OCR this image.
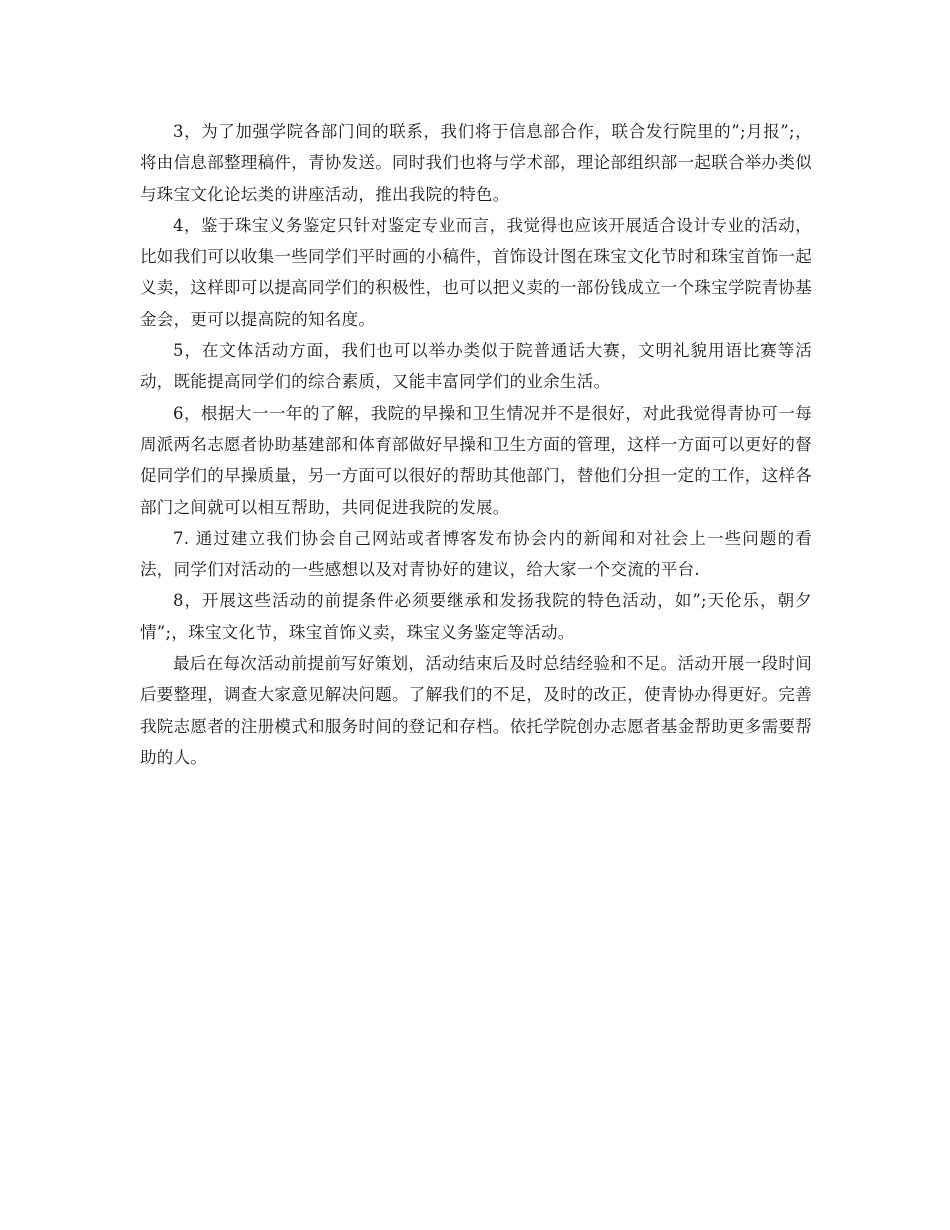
3，为了加强学院各部门间的联系，我们将于信息部合作，联合发行院里的”;月报”;，将由信息部整理稿件，青协发送。同时我们也将与学术部，理论部组织部一起联合举办类似与珠宝文化论坛类的讲座活动，推出我院的特色。

4，鉴于珠宝义务鉴定只针对鉴定专业而言，我觉得也应该开展适合设计专业的活动，比如我们可以收集一些同学们平时画的小稿件，首饰设计图在珠宝文化节时和珠宝首饰一起义卖，这样即可以提高同学们的积极性，也可以把义卖的一部份钱成立一个珠宝学院青协基金会，更可以提高院的知名度。

5，在文体活动方面，我们也可以举办类似于院普通话大赛，文明礼貌用语比赛等活动，既能提高同学们的综合素质，又能丰富同学们的业余生活。

6，根据大一一年的了解，我院的早操和卫生情况并不是很好，对此我觉得青协可一每周派两名志愿者协助基建部和体育部做好早操和卫生方面的管理，这样一方面可以更好的督促同学们的早操质量，另一方面可以很好的帮助其他部门，替他们分担一定的工作，这样各部门之间就可以相互帮助，共同促进我院的发展。

7. 通过建立我们协会自己网站或者博客发布协会内的新闻和对社会上一些问题的看法，同学们对活动的一些感想以及对青协好的建议，给大家一个交流的平台.

8，开展这些活动的前提条件必须要继承和发扬我院的特色活动，如”;天伦乐，朝夕情”;，珠宝文化节，珠宝首饰义卖，珠宝义务鉴定等活动。

最后在每次活动前提前写好策划，活动结束后及时总结经验和不足。活动开展一段时间后要整理，调查大家意见解决问题。了解我们的不足，及时的改正，使青协办得更好。完善我院志愿者的注册模式和服务时间的登记和存档。依托学院创办志愿者基金帮助更多需要帮助的人。
